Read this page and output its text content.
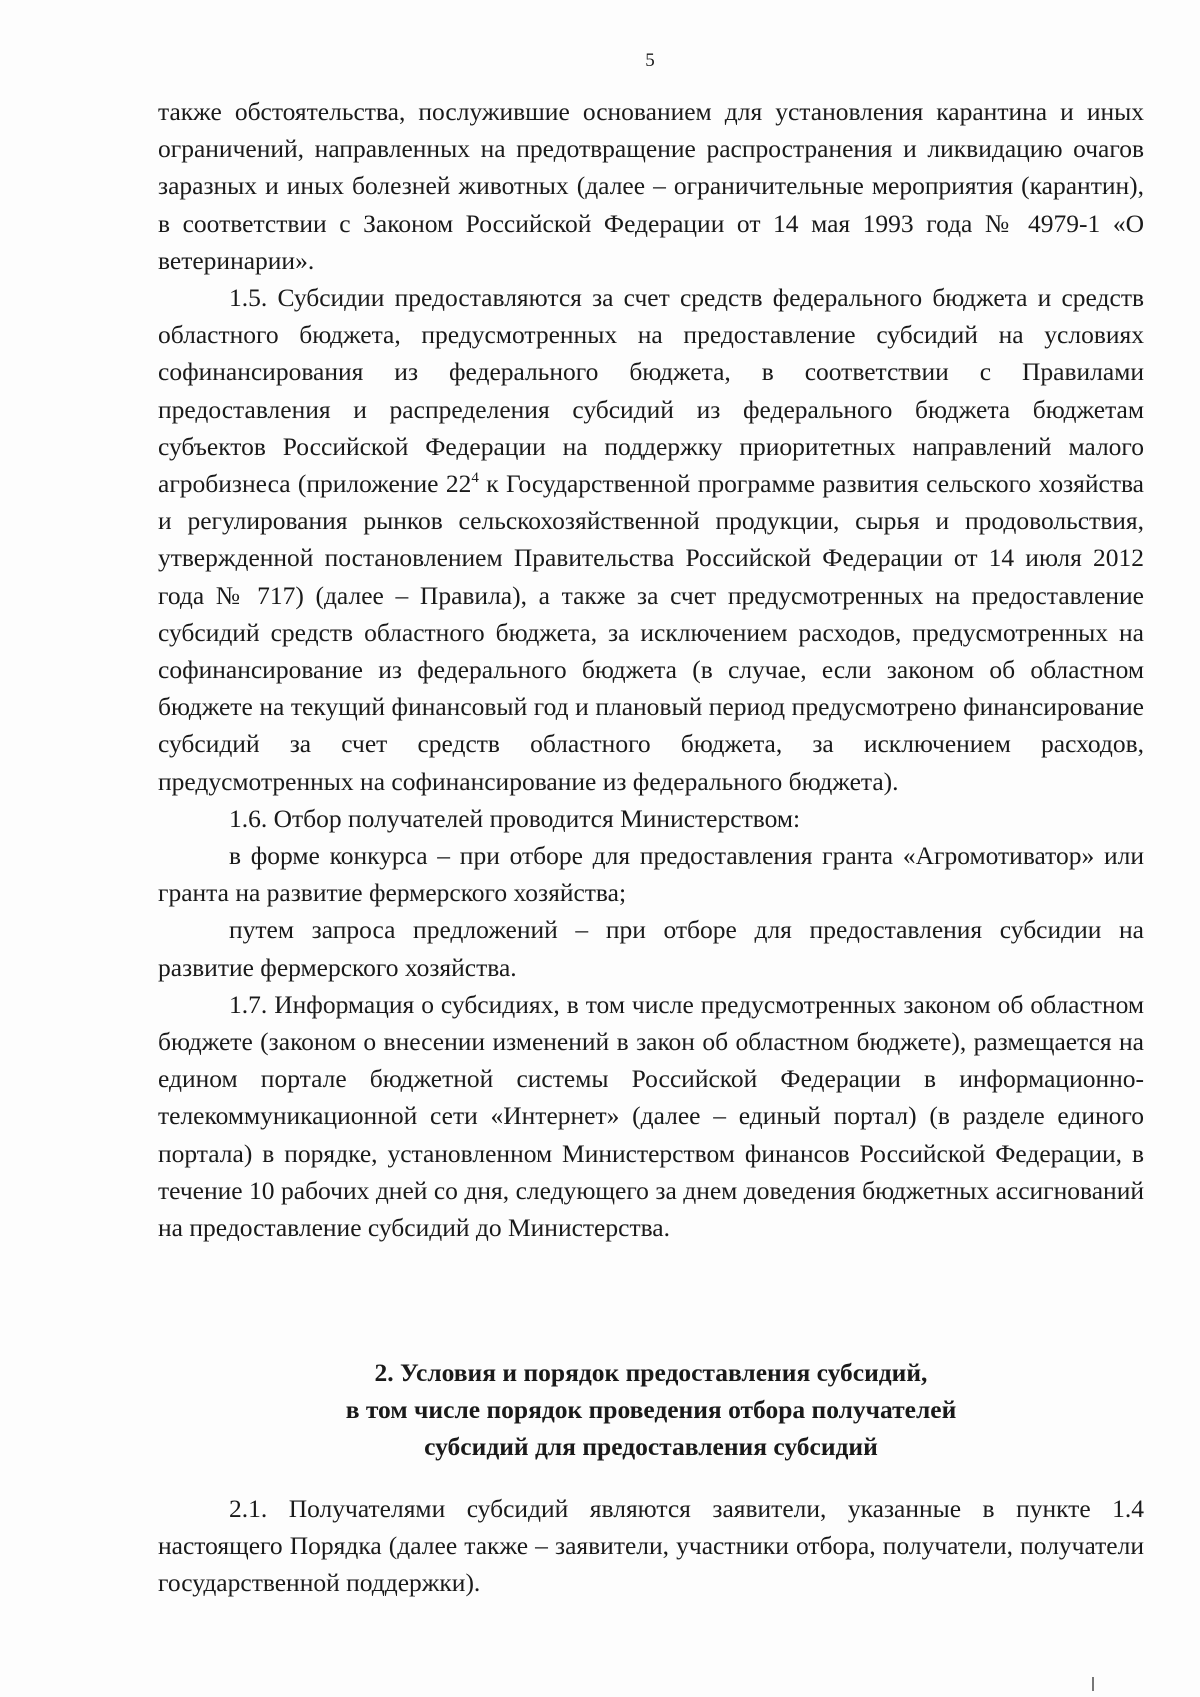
5

также обстоятельства, послужившие основанием для установления карантина и иных ограничений, направленных на предотвращение распространения и ликвидацию очагов заразных и иных болезней животных (далее – ограничительные мероприятия (карантин), в соответствии с Законом Российской Федерации от 14 мая 1993 года № 4979-1 «О ветеринарии».

1.5. Субсидии предоставляются за счет средств федерального бюджета и средств областного бюджета, предусмотренных на предоставление субсидий на условиях софинансирования из федерального бюджета, в соответствии с Правилами предоставления и распределения субсидий из федерального бюджета бюджетам субъектов Российской Федерации на поддержку приоритетных направлений малого агробизнеса (приложение $22^4$ к Государственной программе развития сельского хозяйства и регулирования рынков сельскохозяйственной продукции, сырья и продовольствия, утвержденной постановлением Правительства Российской Федерации от 14 июля 2012 года № 717) (далее – Правила), а также за счет предусмотренных на предоставление субсидий средств областного бюджета, за исключением расходов, предусмотренных на софинансирование из федерального бюджета (в случае, если законом об областном бюджете на текущий финансовый год и плановый период предусмотрено финансирование субсидий за счет средств областного бюджета, за исключением расходов, предусмотренных на софинансирование из федерального бюджета).

1.6. Отбор получателей проводится Министерством:

в форме конкурса – при отборе для предоставления гранта «Агромотиватор» или гранта на развитие фермерского хозяйства;

путем запроса предложений – при отборе для предоставления субсидии на развитие фермерского хозяйства.

1.7. Информация о субсидиях, в том числе предусмотренных законом об областном бюджете (законом о внесении изменений в закон об областном бюджете), размещается на едином портале бюджетной системы Российской Федерации в информационно-телекоммуникационной сети «Интернет» (далее – единый портал) (в разделе единого портала) в порядке, установленном Министерством финансов Российской Федерации, в течение 10 рабочих дней со дня, следующего за днем доведения бюджетных ассигнований на предоставление субсидий до Министерства.

2. Условия и порядок предоставления субсидий,
в том числе порядок проведения отбора получателей
субсидий для предоставления субсидий

2.1. Получателями субсидий являются заявители, указанные в пункте 1.4 настоящего Порядка (далее также – заявители, участники отбора, получатели, получатели государственной поддержки).
